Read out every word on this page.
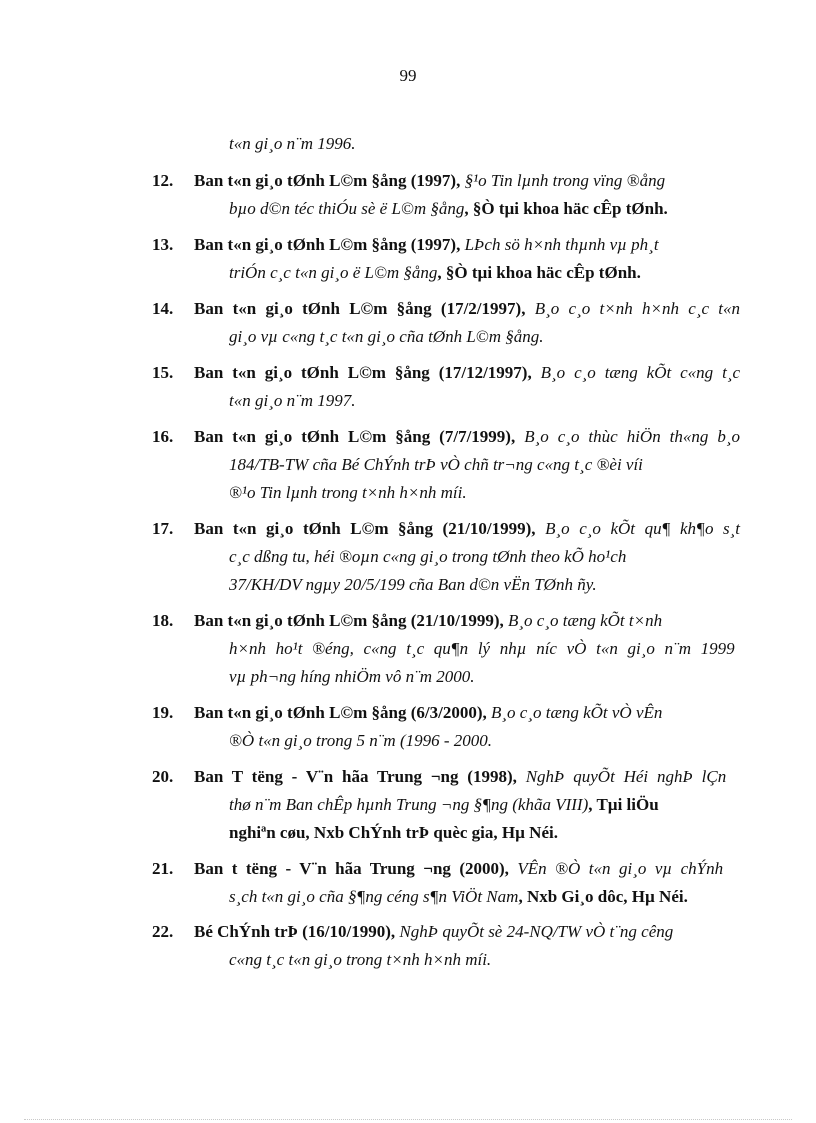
99
t«n gi¸o n¨m 1996.
12. Ban t«n gi¸o tØnh L©m §ång (1997), §¹o Tin lµnh trong vïng ®ång
bµo d©n téc thiÓu sè ë L©m §ång, §Ò tµi khoa häc cÊp tØnh.
13. Ban t«n gi¸o tØnh L©m §ång (1997), LÞch sö h×nh thµnh vµ ph¸t
triÓn c¸c t«n gi¸o ë L©m §ång, §Ò tµi khoa häc cÊp tØnh.
14. Ban t«n gi¸o tØnh L©m §ång (17/2/1997), B¸o c¸o t×nh h×nh c¸c t«n
gi¸o vµ c«ng t¸c t«n gi¸o cña tØnh L©m §ång.
15. Ban t«n gi¸o tØnh L©m §ång (17/12/1997), B¸o c¸o tæng kÕt c«ng t¸c
t«n gi¸o n¨m 1997.
16. Ban t«n gi¸o tØnh L©m §ång (7/7/1999), B¸o c¸o thùc hiÖn th«ng b¸o
184/TB-TW cña Bé ChÝnh trÞ vÒ chñ tr¬ng c«ng t¸c ®èi víi
®¹o Tin lµnh trong t×nh h×nh míi.
17. Ban t«n gi¸o tØnh L©m §ång (21/10/1999), B¸o c¸o kÕt qu¶ kh¶o s¸t
c¸c dßng tu, héi ®oµn c«ng gi¸o trong tØnh theo kÕ ho¹ch
37/KH/DV ngµy 20/5/199 cña Ban d©n vËn TØnh ñy.
18. Ban t«n gi¸o tØnh L©m §ång (21/10/1999), B¸o c¸o tæng kÕt t×nh
h×nh ho¹t ®éng, c«ng t¸c qu¶n lý nhµ níc vÒ t«n gi¸o n¨m 1999
vµ ph¬ng híng nhiÖm vô n¨m 2000.
19. Ban t«n gi¸o tØnh L©m §ång (6/3/2000), B¸o c¸o tæng kÕt vÒ vÊn
®Ò t«n gi¸o trong 5 n¨m (1996 - 2000.
20. Ban T tëng - V¨n hãa Trung ¬ng (1998), NghÞ quyÕt Héi nghÞ lÇn
thø n¨m Ban chÊp hµnh Trung ¬ng §¶ng (khãa VIII), Tµi liÖu
nghiªn cøu, Nxb ChÝnh trÞ quèc gia, Hµ Néi.
21. Ban t tëng - V¨n hãa Trung ¬ng (2000), VÊn ®Ò t«n gi¸o vµ chÝnh
s¸ch t«n gi¸o cña §¶ng céng s¶n ViÖt Nam, Nxb Gi¸o dôc, Hµ Néi.
22. Bé ChÝnh trÞ (16/10/1990), NghÞ quyÕt sè 24-NQ/TW vÒ t¨ng cêng
c«ng t¸c t«n gi¸o trong t×nh h×nh míi.
